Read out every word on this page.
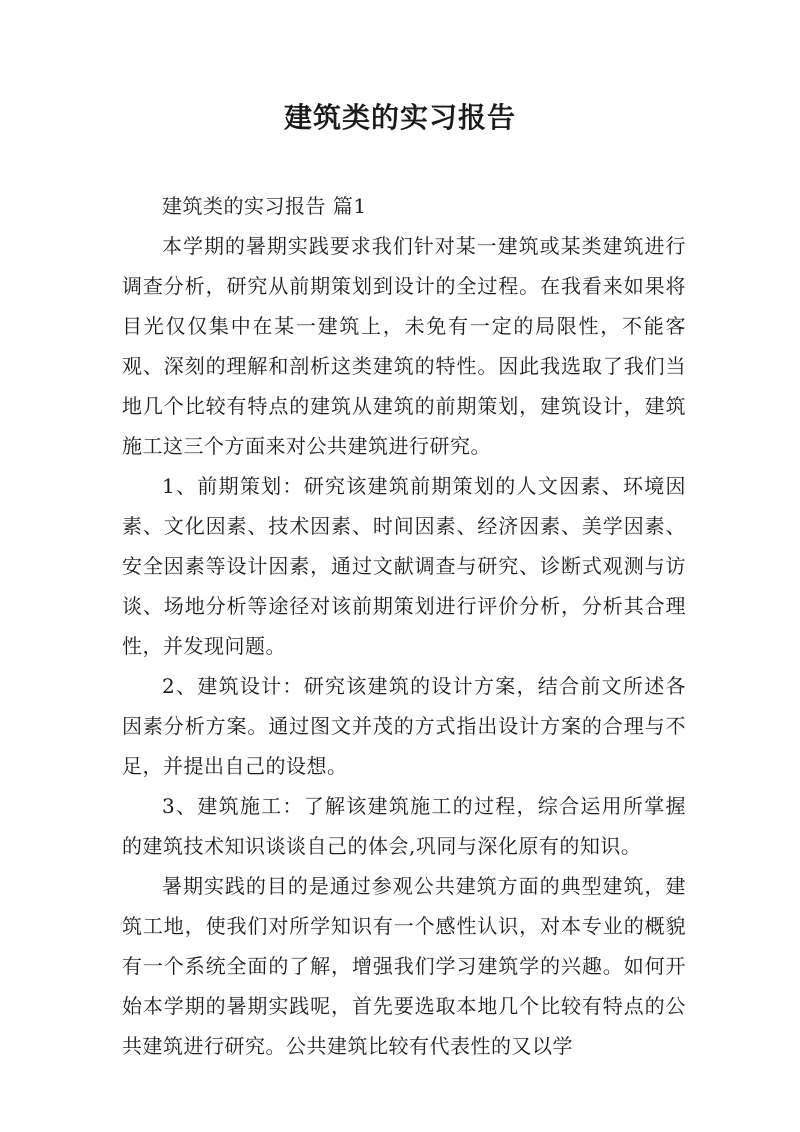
建筑类的实习报告

建筑类的实习报告 篇1

本学期的暑期实践要求我们针对某一建筑或某类建筑进行调查分析，研究从前期策划到设计的全过程。在我看来如果将目光仅仅集中在某一建筑上，未免有一定的局限性，不能客观、深刻的理解和剖析这类建筑的特性。因此我选取了我们当地几个比较有特点的建筑从建筑的前期策划，建筑设计，建筑施工这三个方面来对公共建筑进行研究。

1、前期策划：研究该建筑前期策划的人文因素、环境因素、文化因素、技术因素、时间因素、经济因素、美学因素、安全因素等设计因素，通过文献调查与研究、诊断式观测与访谈、场地分析等途径对该前期策划进行评价分析，分析其合理性，并发现问题。

2、建筑设计：研究该建筑的设计方案，结合前文所述各因素分析方案。通过图文并茂的方式指出设计方案的合理与不足，并提出自己的设想。

3、建筑施工：了解该建筑施工的过程，综合运用所掌握的建筑技术知识谈谈自己的体会,巩同与深化原有的知识。

暑期实践的目的是通过参观公共建筑方面的典型建筑，建筑工地，使我们对所学知识有一个感性认识，对本专业的概貌有一个系统全面的了解，增强我们学习建筑学的兴趣。如何开始本学期的暑期实践呢，首先要选取本地几个比较有特点的公共建筑进行研究。公共建筑比较有代表性的又以学
